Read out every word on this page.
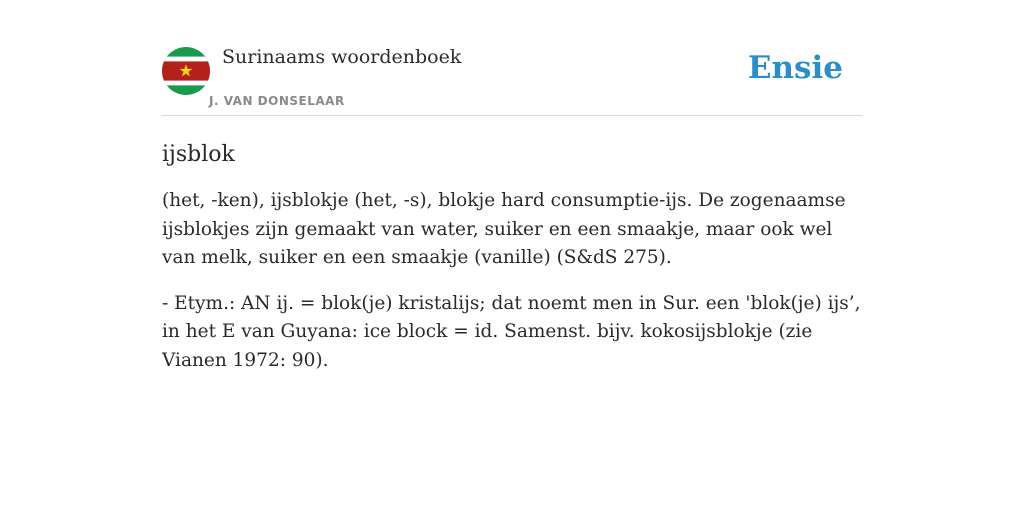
Surinaams woordenboek
J. VAN DONSELAAR
Ensie
ijsblok

(het, -ken), ijsblokje (het, -s), blokje hard consumptie-ijs. De zogenaamse ijsblokjes zijn gemaakt van water, suiker en een smaakje, maar ook wel van melk, suiker en een smaakje (vanille) (S&dS 275).

- Etym.: AN ij. = blok(je) kristalijs; dat noemt men in Sur. een 'blok(je) ijs’, in het E van Guyana: ice block = id. Samenst. bijv. kokosijsblokje (zie Vianen 1972: 90).
